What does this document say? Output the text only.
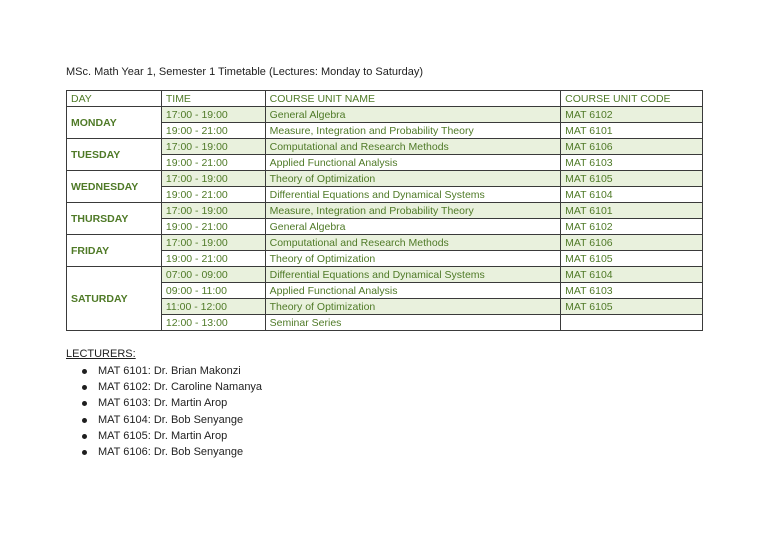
MSc. Math Year 1, Semester 1 Timetable (Lectures: Monday to Saturday)
DAY	TIME	COURSE UNIT NAME	COURSE UNIT CODE
MONDAY	17:00 - 19:00	General Algebra	MAT 6102
	19:00 - 21:00	Measure, Integration and Probability Theory	MAT 6101
TUESDAY	17:00 - 19:00	Computational and Research Methods	MAT 6106
	19:00 - 21:00	Applied Functional Analysis	MAT 6103
WEDNESDAY	17:00 - 19:00	Theory of Optimization	MAT 6105
	19:00 - 21:00	Differential Equations and Dynamical Systems	MAT 6104
THURSDAY	17:00 - 19:00	Measure, Integration and Probability Theory	MAT 6101
	19:00 - 21:00	General Algebra	MAT 6102
FRIDAY	17:00 - 19:00	Computational and Research Methods	MAT 6106
	19:00 - 21:00	Theory of Optimization	MAT 6105
SATURDAY	07:00 - 09:00	Differential Equations and Dynamical Systems	MAT 6104
	09:00 - 11:00	Applied Functional Analysis	MAT 6103
	11:00 - 12:00	Theory of Optimization	MAT 6105
	12:00 - 13:00	Seminar Series	
LECTURERS:
MAT 6101: Dr. Brian Makonzi
MAT 6102: Dr. Caroline Namanya
MAT 6103: Dr. Martin Arop
MAT 6104: Dr. Bob Senyange
MAT 6105: Dr. Martin Arop
MAT 6106: Dr. Bob Senyange
